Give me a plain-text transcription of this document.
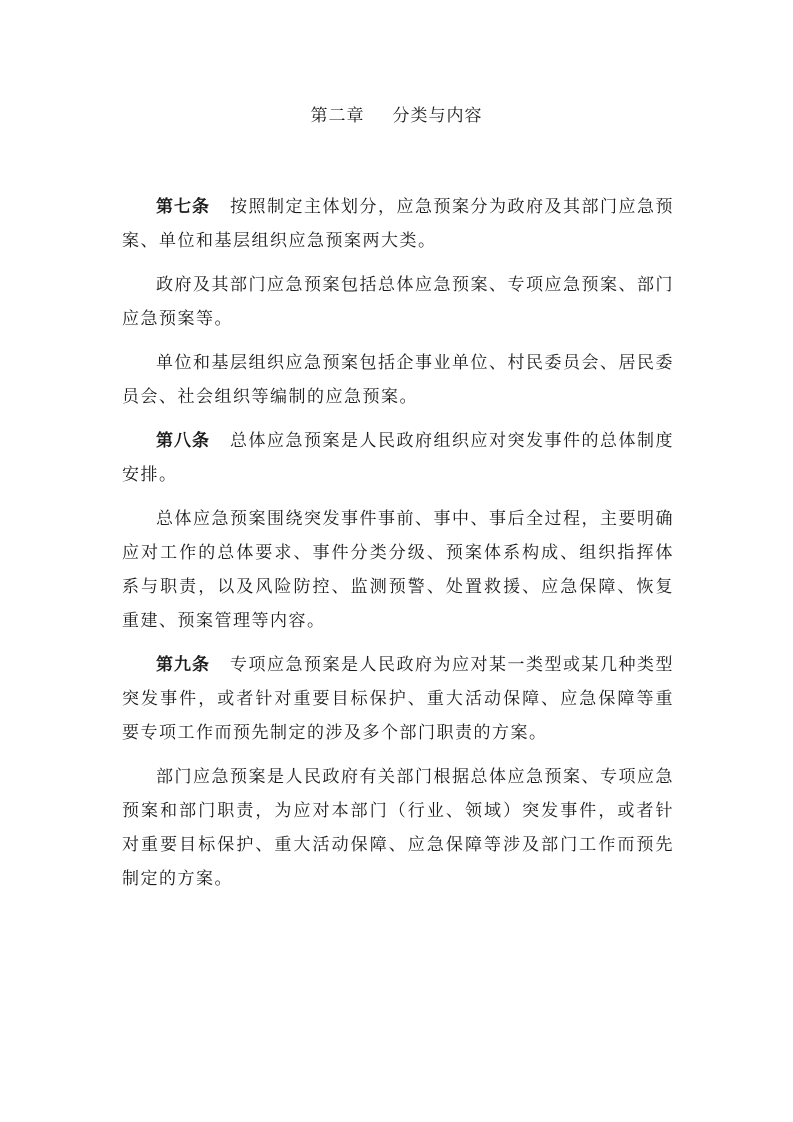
第二章 分类与内容

第七条 按照制定主体划分，应急预案分为政府及其部门应急预案、单位和基层组织应急预案两大类。

政府及其部门应急预案包括总体应急预案、专项应急预案、部门应急预案等。

单位和基层组织应急预案包括企事业单位、村民委员会、居民委员会、社会组织等编制的应急预案。

第八条 总体应急预案是人民政府组织应对突发事件的总体制度安排。

总体应急预案围绕突发事件事前、事中、事后全过程，主要明确应对工作的总体要求、事件分类分级、预案体系构成、组织指挥体系与职责，以及风险防控、监测预警、处置救援、应急保障、恢复重建、预案管理等内容。

第九条 专项应急预案是人民政府为应对某一类型或某几种类型突发事件，或者针对重要目标保护、重大活动保障、应急保障等重要专项工作而预先制定的涉及多个部门职责的方案。

部门应急预案是人民政府有关部门根据总体应急预案、专项应急预案和部门职责，为应对本部门（行业、领域）突发事件，或者针对重要目标保护、重大活动保障、应急保障等涉及部门工作而预先制定的方案。
